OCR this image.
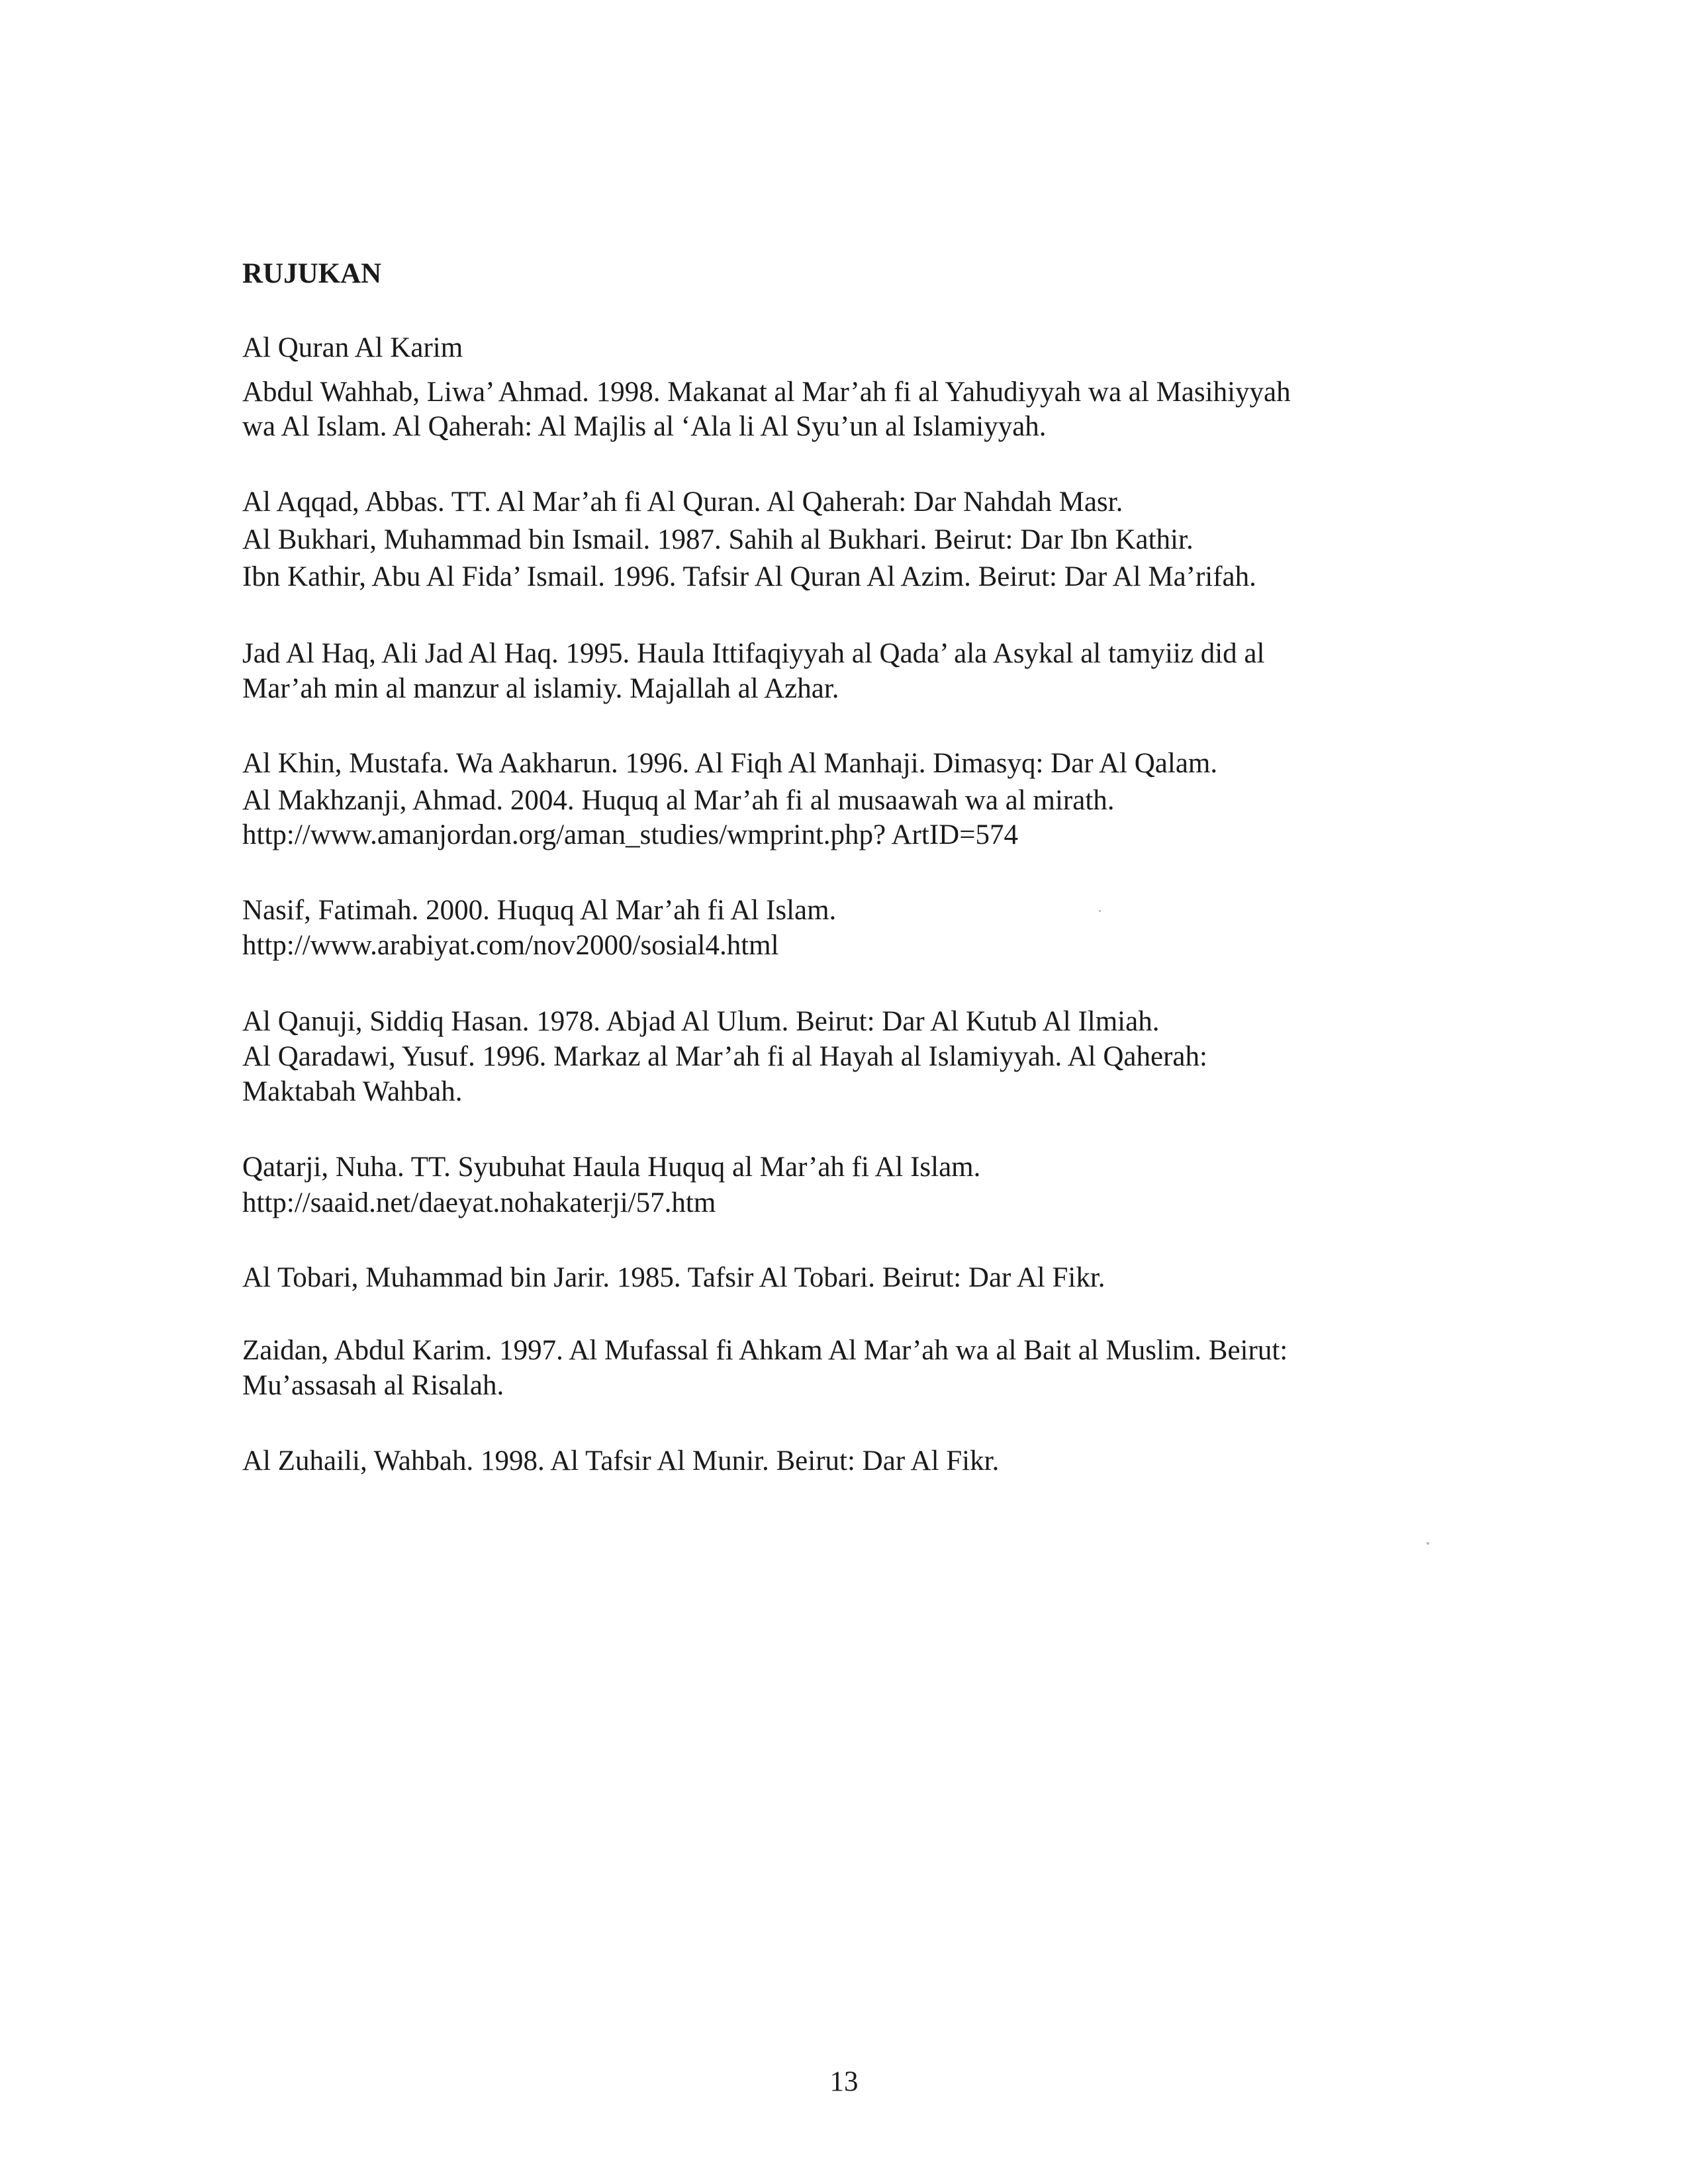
RUJUKAN
Al Quran Al Karim
Abdul Wahhab, Liwa’ Ahmad. 1998. Makanat al Mar’ah fi al Yahudiyyah wa al Masihiyyah
wa Al Islam. Al Qaherah: Al Majlis al ‘Ala li Al Syu’un al Islamiyyah.
Al Aqqad, Abbas. TT. Al Mar’ah fi Al Quran. Al Qaherah: Dar Nahdah Masr.
Al Bukhari, Muhammad bin Ismail. 1987. Sahih al Bukhari. Beirut: Dar Ibn Kathir.
Ibn Kathir, Abu Al Fida’ Ismail. 1996. Tafsir Al Quran Al Azim. Beirut: Dar Al Ma’rifah.
Jad Al Haq, Ali Jad Al Haq. 1995. Haula Ittifaqiyyah al Qada’ ala Asykal al tamyiiz did al
Mar’ah min al manzur al islamiy. Majallah al Azhar.
Al Khin, Mustafa. Wa Aakharun. 1996. Al Fiqh Al Manhaji. Dimasyq: Dar Al Qalam.
Al Makhzanji, Ahmad. 2004. Huquq al Mar’ah fi al musaawah wa al mirath.
http://www.amanjordan.org/aman_studies/wmprint.php? ArtID=574
Nasif, Fatimah. 2000. Huquq Al Mar’ah fi Al Islam.
http://www.arabiyat.com/nov2000/sosial4.html
Al Qanuji, Siddiq Hasan. 1978. Abjad Al Ulum. Beirut: Dar Al Kutub Al Ilmiah.
Al Qaradawi, Yusuf. 1996. Markaz al Mar’ah fi al Hayah al Islamiyyah. Al Qaherah:
Maktabah Wahbah.
Qatarji, Nuha. TT. Syubuhat Haula Huquq al Mar’ah fi Al Islam.
http://saaid.net/daeyat.nohakaterji/57.htm
Al Tobari, Muhammad bin Jarir. 1985. Tafsir Al Tobari. Beirut: Dar Al Fikr.
Zaidan, Abdul Karim. 1997. Al Mufassal fi Ahkam Al Mar’ah wa al Bait al Muslim. Beirut:
Mu’assasah al Risalah.
Al Zuhaili, Wahbah. 1998. Al Tafsir Al Munir. Beirut: Dar Al Fikr.
13
